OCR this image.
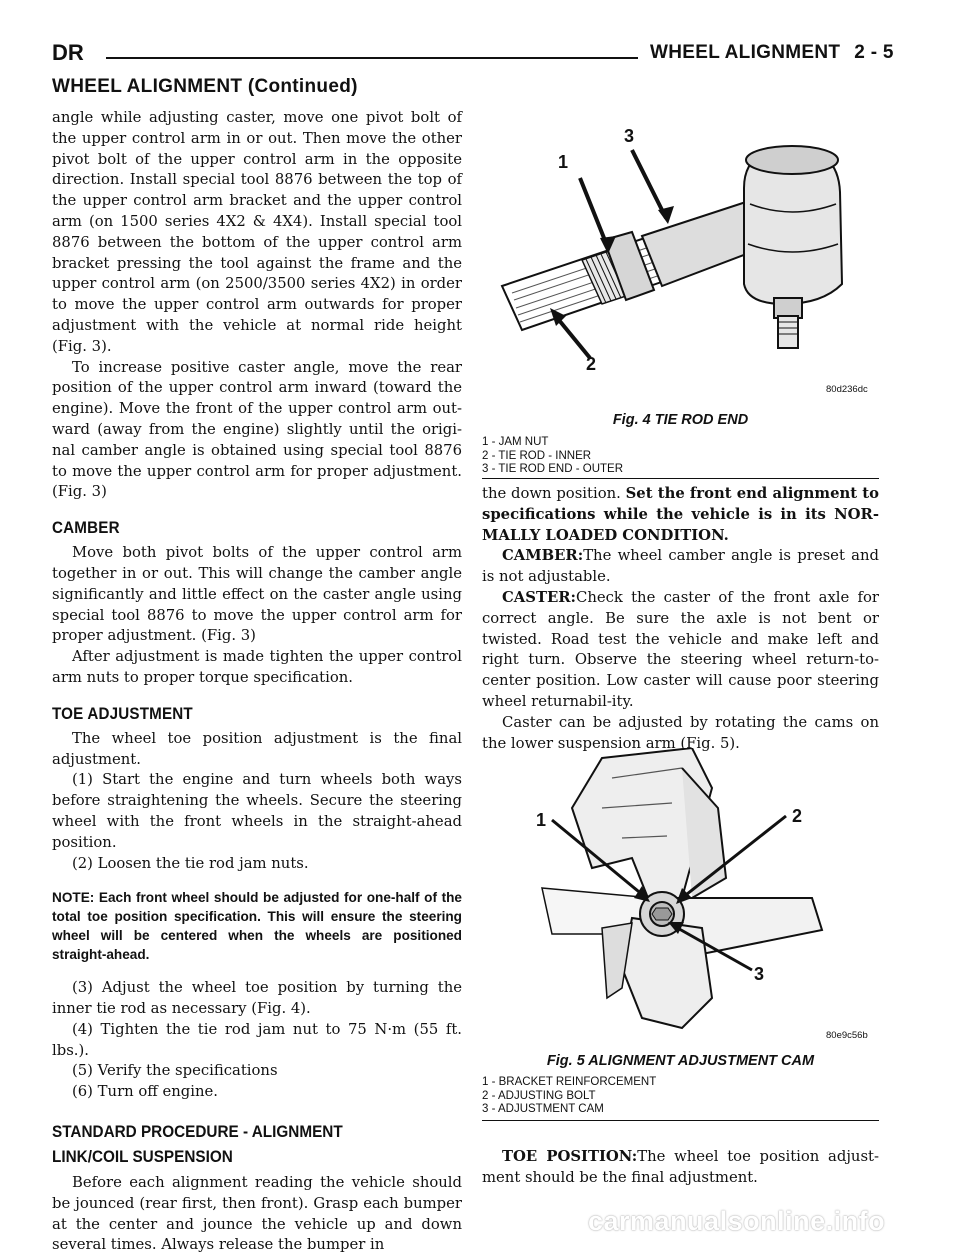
DR	WHEEL ALIGNMENT 2 - 5
WHEEL ALIGNMENT (Continued)

angle while adjusting caster, move one pivot bolt of the upper control arm in or out. Then move the other pivot bolt of the upper control arm in the opposite direction. Install special tool 8876 between the top of the upper control arm bracket and the upper control arm (on 1500 series 4X2 & 4X4). Install special tool 8876 between the bottom of the upper control arm bracket pressing the tool against the frame and the upper control arm (on 2500/3500 series 4X2) in order to move the upper control arm outwards for proper adjustment with the vehicle at normal ride height (Fig. 3).

To increase positive caster angle, move the rear position of the upper control arm inward (toward the engine). Move the front of the upper control arm out-ward (away from the engine) slightly until the origi-nal camber angle is obtained using special tool 8876 to move the upper control arm for proper adjustment. (Fig. 3)

CAMBER

Move both pivot bolts of the upper control arm together in or out. This will change the camber angle significantly and little effect on the caster angle using special tool 8876 to move the upper control arm for proper adjustment. (Fig. 3)

After adjustment is made tighten the upper control arm nuts to proper torque specification.

TOE ADJUSTMENT

The wheel toe position adjustment is the final adjustment.

(1) Start the engine and turn wheels both ways before straightening the wheels. Secure the steering wheel with the front wheels in the straight-ahead position.

(2) Loosen the tie rod jam nuts.

NOTE: Each front wheel should be adjusted for one-half of the total toe position specification. This will ensure the steering wheel will be centered when the wheels are positioned straight-ahead.

(3) Adjust the wheel toe position by turning the inner tie rod as necessary (Fig. 4).

(4) Tighten the tie rod jam nut to 75 N·m (55 ft. lbs.).

(5) Verify the specifications

(6) Turn off engine.

STANDARD PROCEDURE - ALIGNMENT
LINK/COIL SUSPENSION

Before each alignment reading the vehicle should be jounced (rear first, then front). Grasp each bumper at the center and jounce the vehicle up and down several times. Always release the bumper in

1
2
3
80d236dc
Fig. 4 TIE ROD END
1 - JAM NUT
2 - TIE ROD - INNER
3 - TIE ROD END - OUTER

the down position. Set the front end alignment to specifications while the vehicle is in its NOR-MALLY LOADED CONDITION.

CAMBER:The wheel camber angle is preset and is not adjustable.

CASTER:Check the caster of the front axle for correct angle. Be sure the axle is not bent or twisted. Road test the vehicle and make left and right turn. Observe the steering wheel return-to-center position. Low caster will cause poor steering wheel returnabil-ity.

Caster can be adjusted by rotating the cams on the lower suspension arm (Fig. 5).

1	2
3
80e9c56b
Fig. 5 ALIGNMENT ADJUSTMENT CAM
1 - BRACKET REINFORCEMENT
2 - ADJUSTING BOLT
3 - ADJUSTMENT CAM

TOE POSITION:The wheel toe position adjust-ment should be the final adjustment.

carmanualsonline.info
